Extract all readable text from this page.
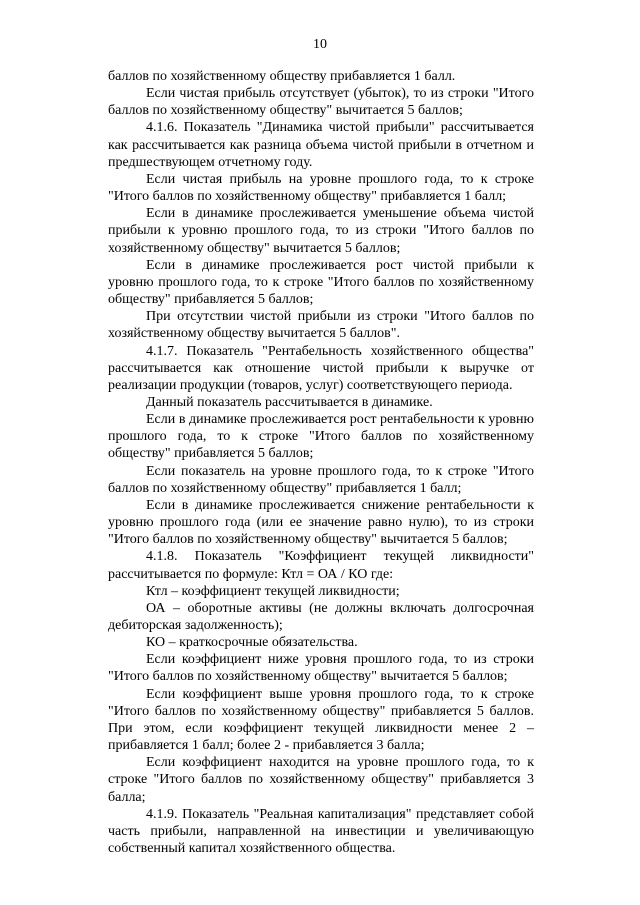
10

баллов по хозяйственному обществу прибавляется 1 балл.

Если чистая прибыль отсутствует (убыток), то из строки "Итого баллов по хозяйственному обществу" вычитается 5 баллов;

4.1.6. Показатель "Динамика чистой прибыли" рассчитывается как рассчитывается как разница объема чистой прибыли в отчетном и предшествующем отчетному году.

Если чистая прибыль на уровне прошлого года, то к строке "Итого баллов по хозяйственному обществу" прибавляется 1 балл;

Если в динамике прослеживается уменьшение объема чистой прибыли к уровню прошлого года, то из строки "Итого баллов по хозяйственному обществу" вычитается 5 баллов;

Если в динамике прослеживается рост чистой прибыли к уровню прошлого года, то к строке "Итого баллов по хозяйственному обществу" прибавляется 5 баллов;

При отсутствии чистой прибыли из строки "Итого баллов по хозяйственному обществу вычитается 5 баллов".

4.1.7. Показатель "Рентабельность хозяйственного общества" рассчитывается как отношение чистой прибыли к выручке от реализации продукции (товаров, услуг) соответствующего периода.

Данный показатель рассчитывается в динамике.

Если в динамике прослеживается рост рентабельности к уровню прошлого года, то к строке "Итого баллов по хозяйственному обществу" прибавляется 5 баллов;

Если показатель на уровне прошлого года, то к строке "Итого баллов по хозяйственному обществу" прибавляется 1 балл;

Если в динамике прослеживается снижение рентабельности к уровню прошлого года (или ее значение равно нулю), то из строки "Итого баллов по хозяйственному обществу" вычитается 5 баллов;

4.1.8. Показатель "Коэффициент текущей ликвидности" рассчитывается по формуле: Ктл = ОА / КО где:

Ктл – коэффициент текущей ликвидности;

ОА – оборотные активы (не должны включать долгосрочная дебиторская задолженность);

КО – краткосрочные обязательства.

Если коэффициент ниже уровня прошлого года, то из строки "Итого баллов по хозяйственному обществу" вычитается 5 баллов;

Если коэффициент выше уровня прошлого года, то к строке "Итого баллов по хозяйственному обществу" прибавляется 5 баллов. При этом, если коэффициент текущей ликвидности менее 2 – прибавляется 1 балл; более 2 - прибавляется 3 балла;

Если коэффициент находится на уровне прошлого года, то к строке "Итого баллов по хозяйственному обществу" прибавляется 3 балла;

4.1.9. Показатель "Реальная капитализация" представляет собой часть прибыли, направленной на инвестиции и увеличивающую собственный капитал хозяйственного общества.
